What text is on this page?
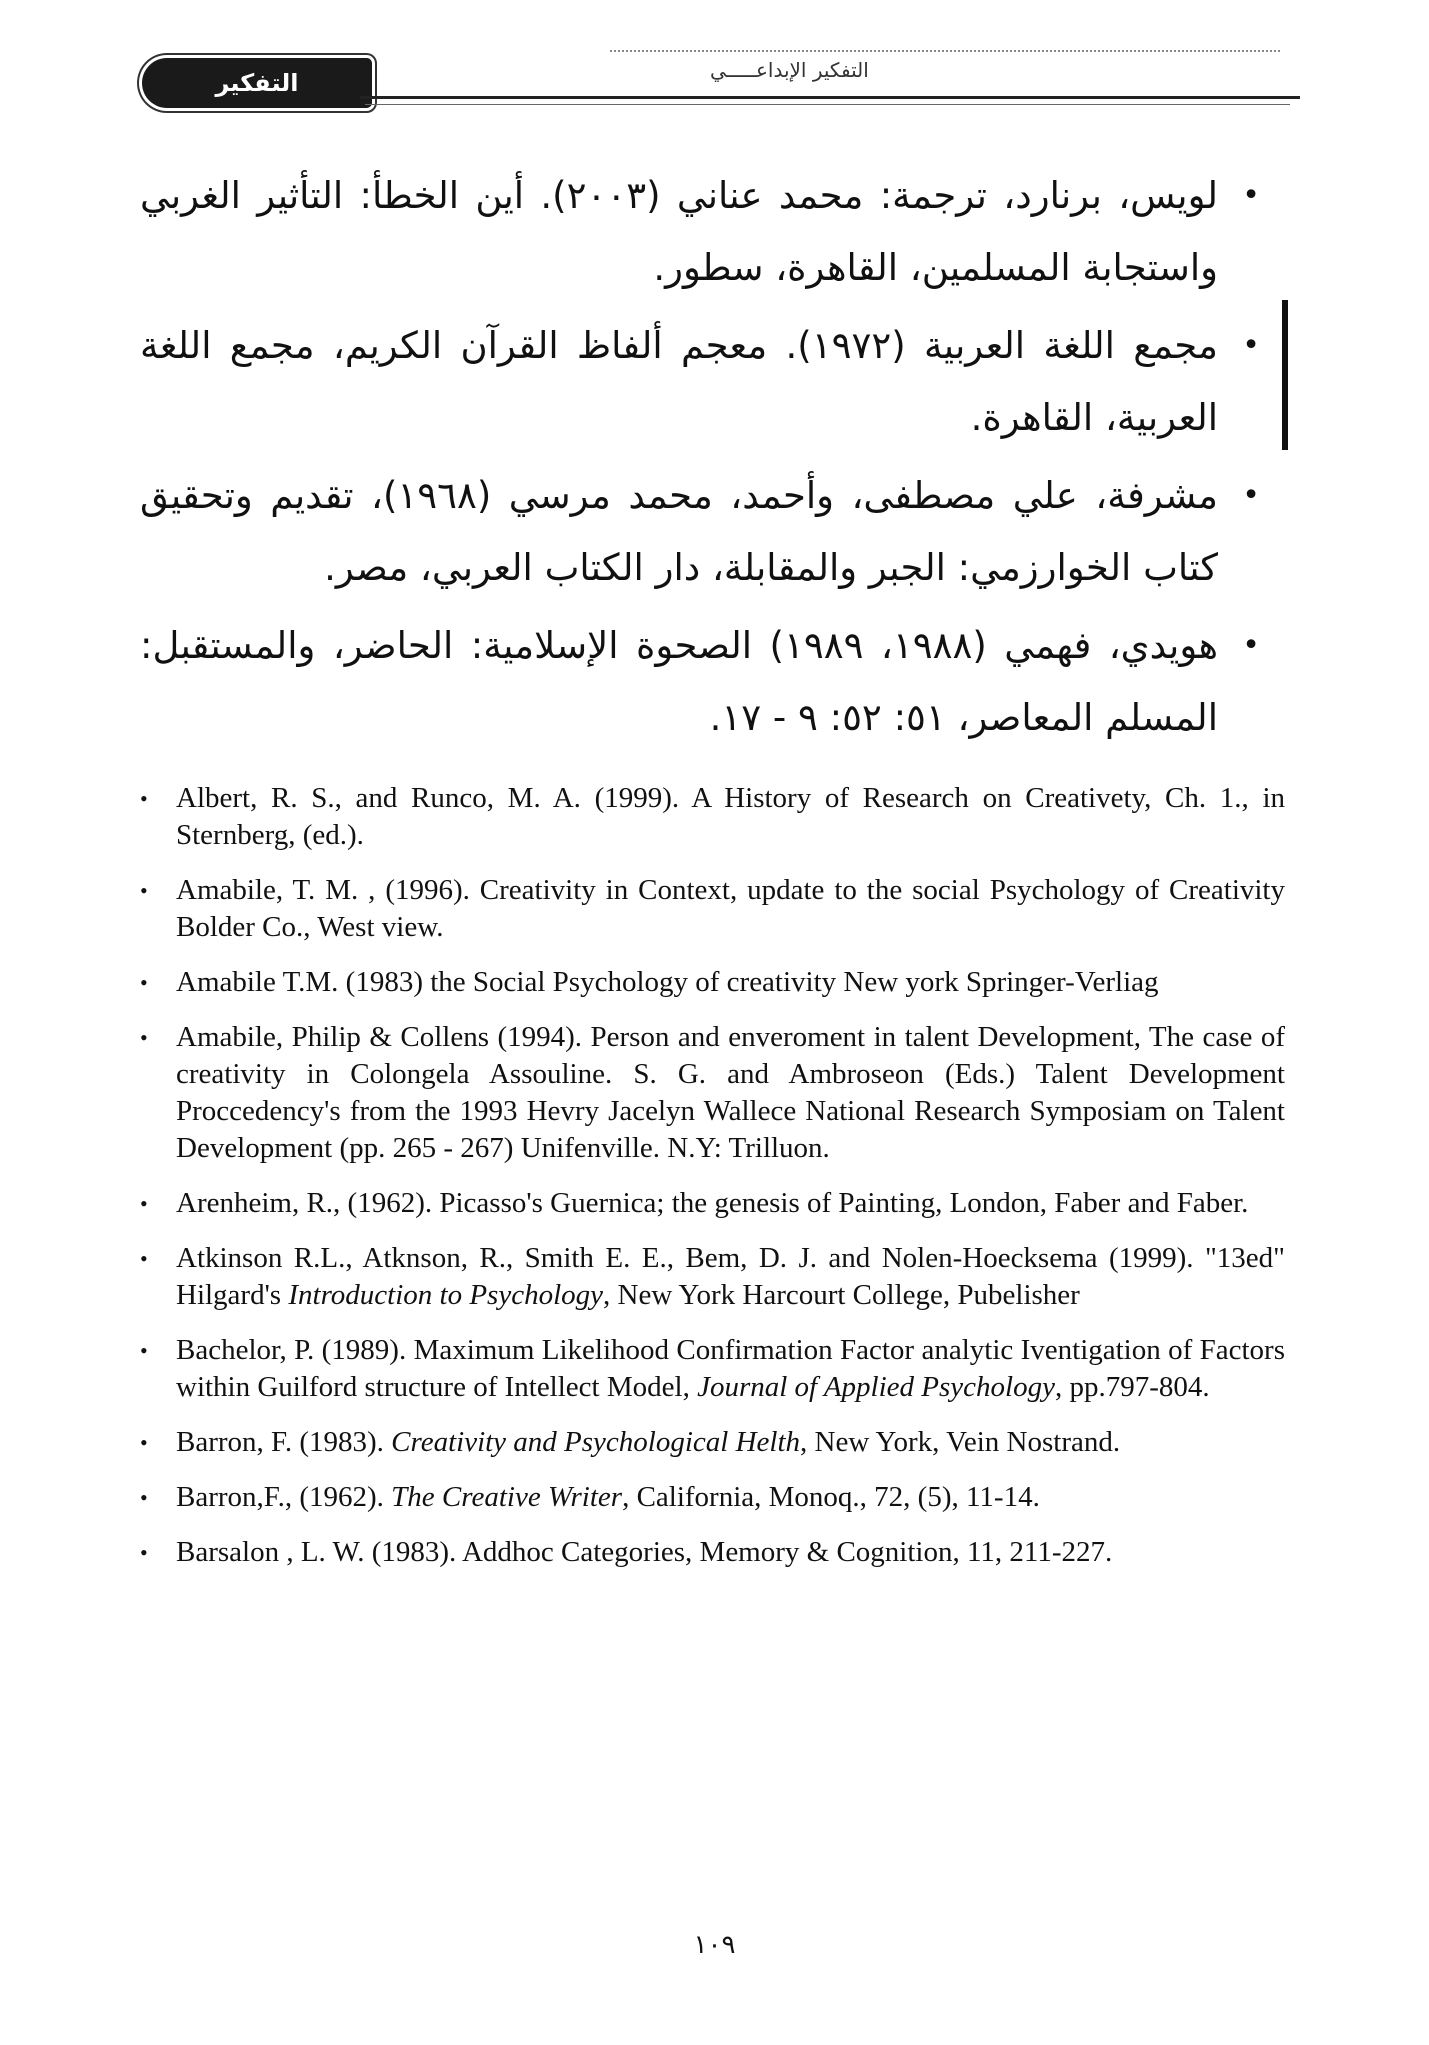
التفكير	التفكير الإبداعـــــي
•
لويس، برنارد، ترجمة: محمد عناني (٢٠٠٣). أين الخطأ: التأثير الغربي واستجابة المسلمين، القاهرة، سطور.
•
مجمع اللغة العربية (١٩٧٢). معجم ألفاظ القرآن الكريم، مجمع اللغة العربية، القاهرة.
•
مشرفة، علي مصطفى، وأحمد، محمد مرسي (١٩٦٨)، تقديم وتحقيق كتاب الخوارزمي: الجبر والمقابلة، دار الكتاب العربي، مصر.
•
هويدي، فهمي (١٩٨٨، ١٩٨٩) الصحوة الإسلامية: الحاضر، والمستقبل: المسلم المعاصر، ٥١: ٥٢: ٩ - ١٧.
• Albert, R. S., and Runco, M. A. (1999). A History of Research on Creativety, Ch. 1., in Sternberg, (ed.).
• Amabile, T. M. , (1996). Creativity in Context, update to the social Psychology of Creativity Bolder Co., West view.
• Amabile T.M. (1983) the Social Psychology of creativity New york Springer-Verliag
• Amabile, Philip & Collens (1994). Person and enveroment in talent Development, The case of creativity in Colongela Assouline. S. G. and Ambroseon (Eds.) Talent Development Proccedency's from the 1993 Hevry Jacelyn Wallece National Research Symposiam on Talent Development (pp. 265 - 267) Unifenville. N.Y: Trilluon.
• Arenheim, R., (1962). Picasso's Guernica; the genesis of Painting, London, Faber and Faber.
• Atkinson R.L., Atknson, R., Smith E. E., Bem, D. J. and Nolen-Hoecksema (1999). "13ed" Hilgard's Introduction to Psychology, New York Harcourt College, Pubelisher
• Bachelor, P. (1989). Maximum Likelihood Confirmation Factor analytic Iventigation of Factors within Guilford structure of Intellect Model, Journal of Applied Psychology, pp.797-804.
• Barron, F. (1983). Creativity and Psychological Helth, New York, Vein Nostrand.
• Barron,F., (1962). The Creative Writer, California, Monoq., 72, (5), 11-14.
• Barsalon , L. W. (1983). Addhoc Categories, Memory & Cognition, 11, 211-227.
١٠٩
